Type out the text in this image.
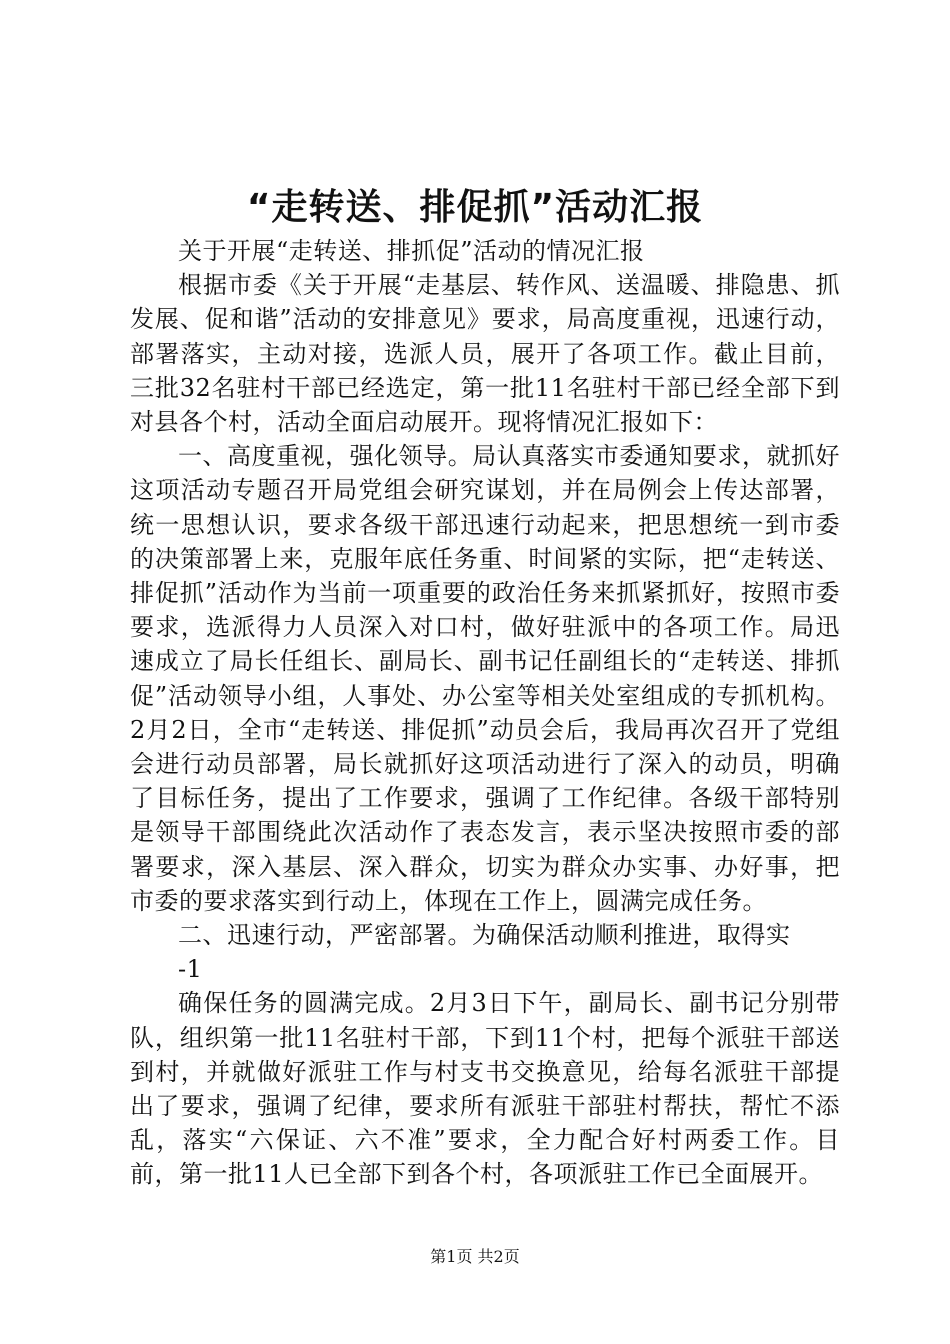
“走转送、排促抓”活动汇报

关于开展“走转送、排抓促”活动的情况汇报

根据市委《关于开展“走基层、转作风、送温暖、排隐患、抓发展、促和谐”活动的安排意见》要求，局高度重视，迅速行动，部署落实，主动对接，选派人员，展开了各项工作。截止目前，三批32名驻村干部已经选定，第一批11名驻村干部已经全部下到对县各个村，活动全面启动展开。现将情况汇报如下：

一、高度重视，强化领导。局认真落实市委通知要求，就抓好这项活动专题召开局党组会研究谋划，并在局例会上传达部署，统一思想认识，要求各级干部迅速行动起来，把思想统一到市委的决策部署上来，克服年底任务重、时间紧的实际，把“走转送、排促抓”活动作为当前一项重要的政治任务来抓紧抓好，按照市委要求，选派得力人员深入对口村，做好驻派中的各项工作。局迅速成立了局长任组长、副局长、副书记任副组长的“走转送、排抓促”活动领导小组，人事处、办公室等相关处室组成的专抓机构。2月2日，全市“走转送、排促抓”动员会后，我局再次召开了党组会进行动员部署，局长就抓好这项活动进行了深入的动员，明确了目标任务，提出了工作要求，强调了工作纪律。各级干部特别是领导干部围绕此次活动作了表态发言，表示坚决按照市委的部署要求，深入基层、深入群众，切实为群众办实事、办好事，把市委的要求落实到行动上，体现在工作上，圆满完成任务。

二、迅速行动，严密部署。为确保活动顺利推进，取得实

-1

确保任务的圆满完成。2月3日下午，副局长、副书记分别带队，组织第一批11名驻村干部，下到11个村，把每个派驻干部送到村，并就做好派驻工作与村支书交换意见，给每名派驻干部提出了要求，强调了纪律，要求所有派驻干部驻村帮扶，帮忙不添乱，落实“六保证、六不准”要求，全力配合好村两委工作。目前，第一批11人已全部下到各个村，各项派驻工作已全面展开。

第1页 共2页
